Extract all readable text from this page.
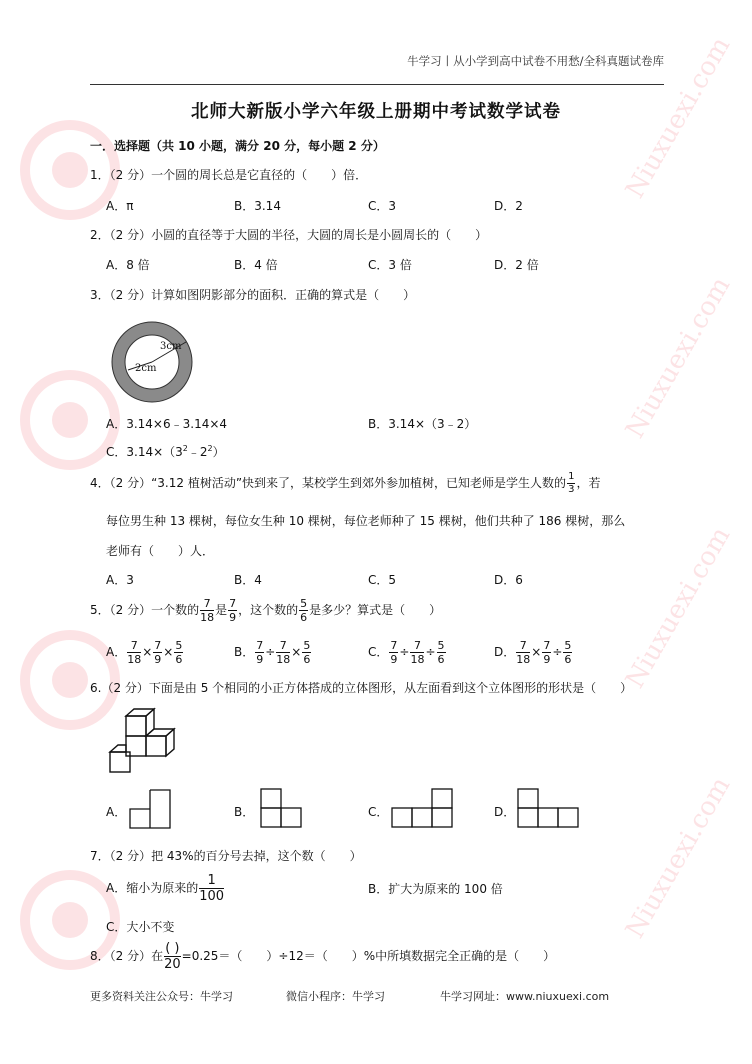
Niuxuexi.com
Niuxuexi.com
Niuxuexi.com
Niuxuexi.com
牛学习丨从小学到高中试卷不用愁/全科真题试卷库
北师大新版小学六年级上册期中考试数学试卷
一．选择题（共 10 小题，满分 20 分，每小题 2 分）
1．（2 分）一个圆的周长总是它直径的（　　）倍．
A．π	B．3.14	C．3	D．2
2．（2 分）小圆的直径等于大圆的半径，大圆的周长是小圆周长的（　　）
A．8 倍	B．4 倍	C．3 倍	D．2 倍
3．（2 分）计算如图阴影部分的面积．正确的算式是（　　）
3cm
2cm
A．3.14×6﹣3.14×4	B．3.14×（3﹣2）
C．$3.14\times(3^2﹣2^2)$
4．（2 分）“3.12 植树活动”快到来了，某校学生到郊外参加植树，已知老师是学生人数的 $\frac{1}{3}$ ，若
每位男生种 13 棵树，每位女生种 10 棵树，每位老师种了 15 棵树，他们共种了 186 棵树，那么
老师有（　　）人．
A．3	B．4	C．5	D．6
5．（2 分）一个数的 $\frac{7}{18}$ 是 $\frac{7}{9}$ ，这个数的 $\frac{5}{6}$ 是多少？算式是（　　）
A． $\frac{7}{18} \times \frac{7}{9} \times \frac{5}{6}$	B． $\frac{7}{9} \div \frac{7}{18} \times \frac{5}{6}$	C． $\frac{7}{9} \div \frac{7}{18} \div \frac{5}{6}$	D． $\frac{7}{18} \times \frac{7}{9} \div \frac{5}{6}$
6.（2 分）下面是由 5 个相同的小正方体搭成的立体图形，从左面看到这个立体图形的形状是（　　）
A．	B．	C．	D．
7．（2 分）把 43%的百分号去掉，这个数（　　）
A．缩小为原来的 $\frac{1}{100}$	B．扩大为原来的 100 倍
C．大小不变
8．（2 分）在 $\frac{( )}{20} =0.25=$（　　）÷12＝（　　）%中所填数据完全正确的是（　　）
更多资料关注公众号：牛学习	微信小程序：牛学习	牛学习网址：www.niuxuexi.com
